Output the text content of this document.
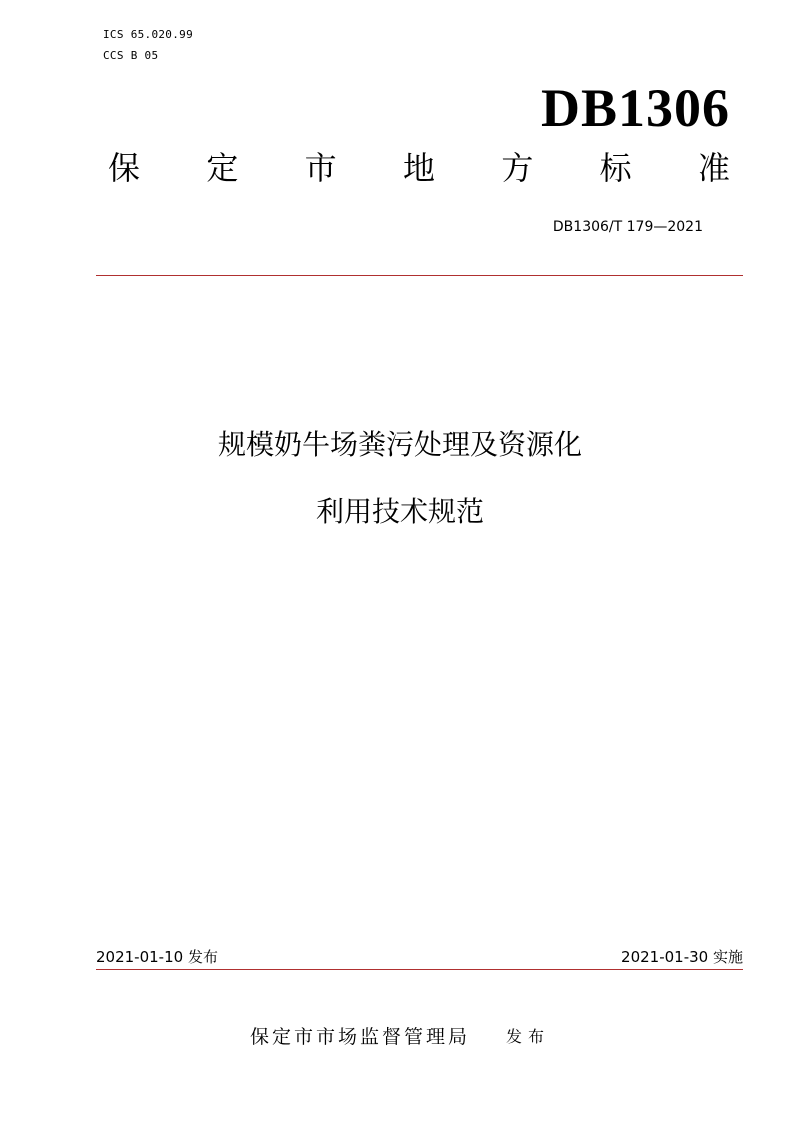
ICS 65.020.99
CCS B 05
DB1306
保 定 市 地 方 标 准
DB1306/T 179—2021
规模奶牛场粪污处理及资源化
利用技术规范
2021-01-10 发布	2021-01-30 实施
保定市市场监督管理局 发布
